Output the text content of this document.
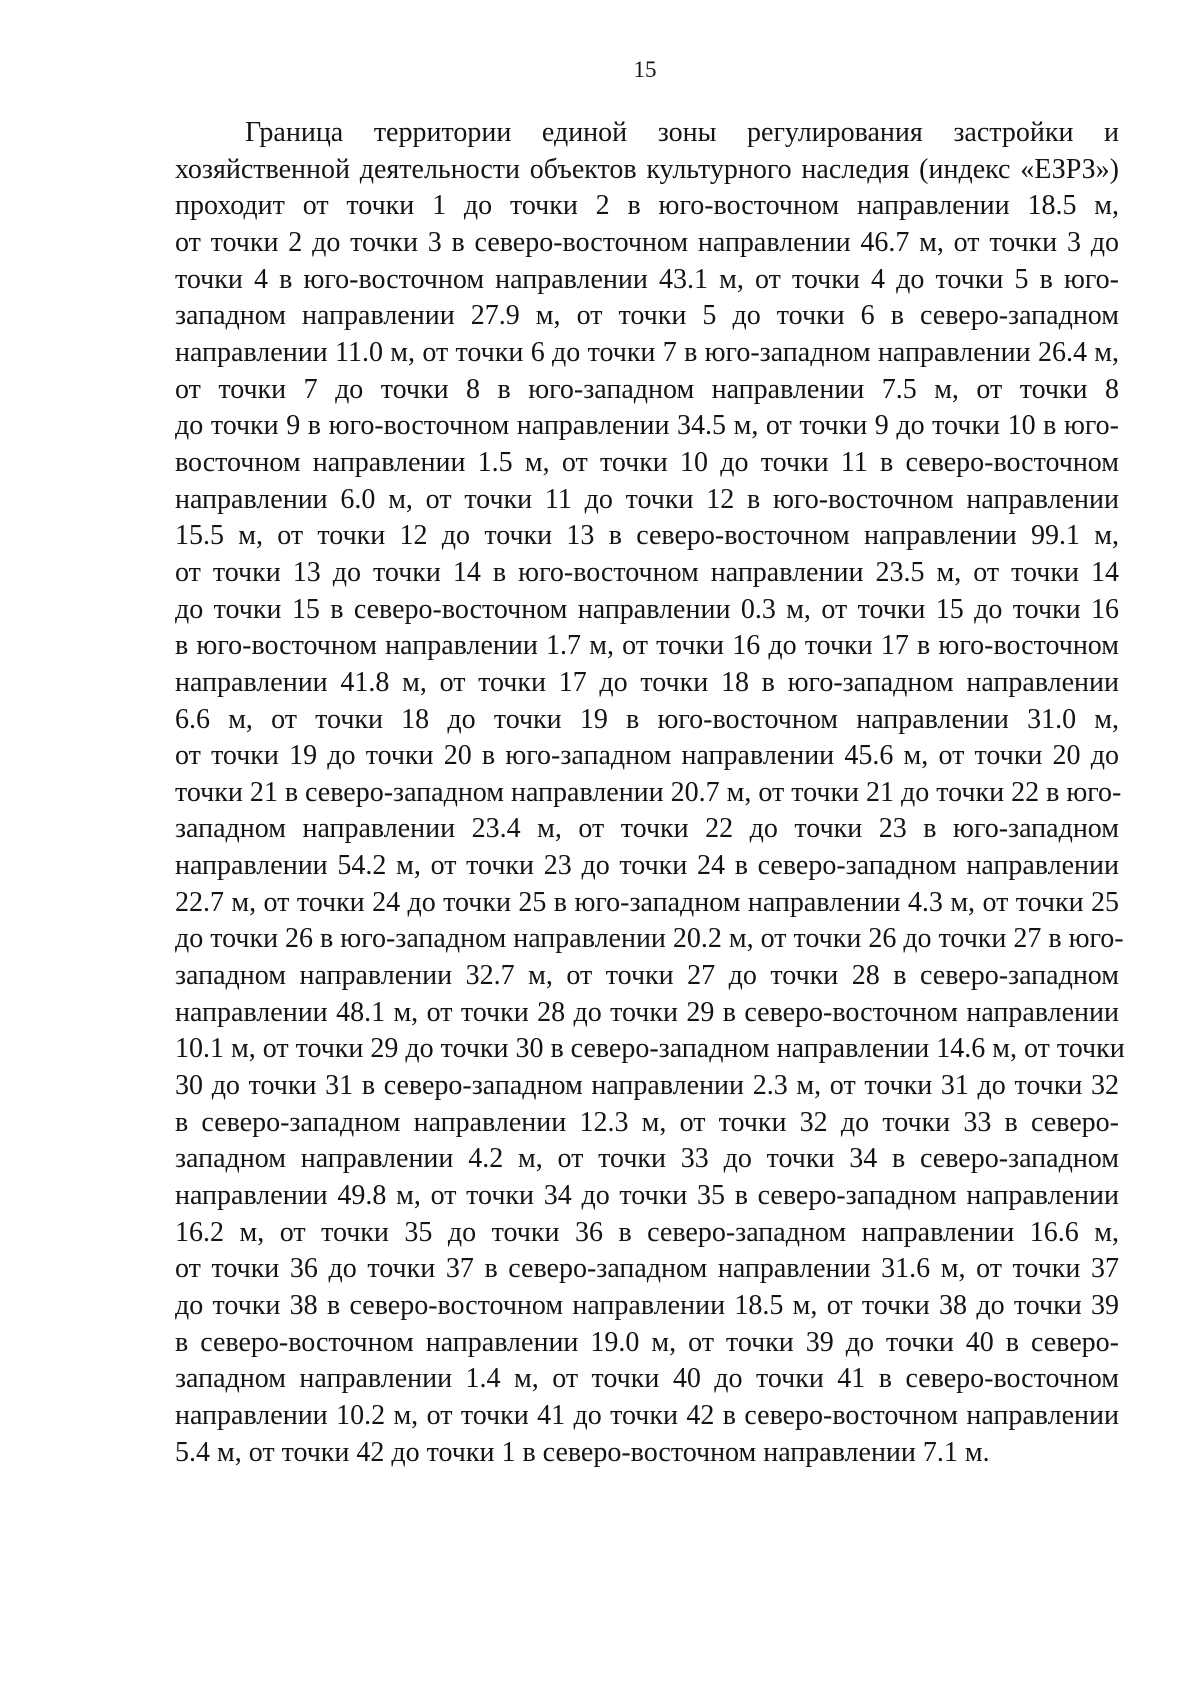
15
Граница территории единой зоны регулирования застройки и
хозяйственной деятельности объектов культурного наследия (индекс «ЕЗРЗ»)
проходит от точки 1 до точки 2 в юго-восточном направлении 18.5 м,
от точки 2 до точки 3 в северо-восточном направлении 46.7 м, от точки 3 до
точки 4 в юго-восточном направлении 43.1 м, от точки 4 до точки 5 в юго-
западном направлении 27.9 м, от точки 5 до точки 6 в северо-западном
направлении 11.0 м, от точки 6 до точки 7 в юго-западном направлении 26.4 м,
от точки 7 до точки 8 в юго-западном направлении 7.5 м, от точки 8
до точки 9 в юго-восточном направлении 34.5 м, от точки 9 до точки 10 в юго-
восточном направлении 1.5 м, от точки 10 до точки 11 в северо-восточном
направлении 6.0 м, от точки 11 до точки 12 в юго-восточном направлении
15.5 м, от точки 12 до точки 13 в северо-восточном направлении 99.1 м,
от точки 13 до точки 14 в юго-восточном направлении 23.5 м, от точки 14
до точки 15 в северо-восточном направлении 0.3 м, от точки 15 до точки 16
в юго-восточном направлении 1.7 м, от точки 16 до точки 17 в юго-восточном
направлении 41.8 м, от точки 17 до точки 18 в юго-западном направлении
6.6 м, от точки 18 до точки 19 в юго-восточном направлении 31.0 м,
от точки 19 до точки 20 в юго-западном направлении 45.6 м, от точки 20 до
точки 21 в северо-западном направлении 20.7 м, от точки 21 до точки 22 в юго-
западном направлении 23.4 м, от точки 22 до точки 23 в юго-западном
направлении 54.2 м, от точки 23 до точки 24 в северо-западном направлении
22.7 м, от точки 24 до точки 25 в юго-западном направлении 4.3 м, от точки 25
до точки 26 в юго-западном направлении 20.2 м, от точки 26 до точки 27 в юго-
западном направлении 32.7 м, от точки 27 до точки 28 в северо-западном
направлении 48.1 м, от точки 28 до точки 29 в северо-восточном направлении
10.1 м, от точки 29 до точки 30 в северо-западном направлении 14.6 м, от точки
30 до точки 31 в северо-западном направлении 2.3 м, от точки 31 до точки 32
в северо-западном направлении 12.3 м, от точки 32 до точки 33 в северо-
западном направлении 4.2 м, от точки 33 до точки 34 в северо-западном
направлении 49.8 м, от точки 34 до точки 35 в северо-западном направлении
16.2 м, от точки 35 до точки 36 в северо-западном направлении 16.6 м,
от точки 36 до точки 37 в северо-западном направлении 31.6 м, от точки 37
до точки 38 в северо-восточном направлении 18.5 м, от точки 38 до точки 39
в северо-восточном направлении 19.0 м, от точки 39 до точки 40 в северо-
западном направлении 1.4 м, от точки 40 до точки 41 в северо-восточном
направлении 10.2 м, от точки 41 до точки 42 в северо-восточном направлении
5.4 м, от точки 42 до точки 1 в северо-восточном направлении 7.1 м.
